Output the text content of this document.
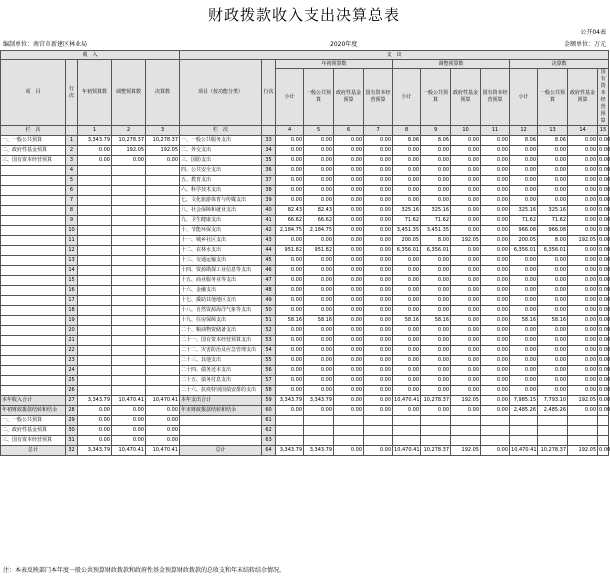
财政拨款收入支出决算总表
公开04表
编制单位：南宫市新建区林业局	2020年度	金额单位：万元
收　入					支　出													
项　目	行次	年初预算数	调整预算数	决算数	项目（按功能分类）	行次	年初预算数				调整预算数				决算数			
							小计	一般公共预算	政府性基金预算	国有资本经营预算	小计	一般公共预算	政府性基金预算	国有资本经营预算	小计	一般公共预算	政府性基金预算	国有资本经营预算
栏　次		1	2	3	栏　次		4	5	6	7	8	9	10	11	12	13	14	15
一、一般公共预算	1	3,343.79	10,278.37	10,278.37	一、一般公共服务支出	33	0.00	0.00	0.00	0.00	8.06	8.06	0.00	0.00	8.06	8.06	0.00	0.00
二、政府性基金预算	2	0.00	192.05	192.05	二、外交支出	34	0.00	0.00	0.00	0.00	0.00	0.00	0.00	0.00	0.00	0.00	0.00	0.00
三、国有资本经营预算	3	0.00	0.00	0.00	三、国防支出	35	0.00	0.00	0.00	0.00	0.00	0.00	0.00	0.00	0.00	0.00	0.00	0.00
	4				四、公共安全支出	36	0.00	0.00	0.00	0.00	0.00	0.00	0.00	0.00	0.00	0.00	0.00	0.00
	5				五、教育支出	37	0.00	0.00	0.00	0.00	0.00	0.00	0.00	0.00	0.00	0.00	0.00	0.00
	6				六、科学技术支出	38	0.00	0.00	0.00	0.00	0.00	0.00	0.00	0.00	0.00	0.00	0.00	0.00
	7				七、文化旅游体育与传媒支出	39	0.00	0.00	0.00	0.00	0.00	0.00	0.00	0.00	0.00	0.00	0.00	0.00
	8				八、社会保障和就业支出	40	82.43	82.43	0.00	0.00	325.16	325.16	0.00	0.00	325.16	325.16	0.00	0.00
	9				九、卫生健康支出	41	66.62	66.62	0.00	0.00	71.62	71.62	0.00	0.00	71.62	71.62	0.00	0.00
	10				十、节能环保支出	42	2,184.75	2,184.75	0.00	0.00	3,451.35	3,451.35	0.00	0.00	966.08	966.08	0.00	0.00
	11				十一、城乡社区支出	43	0.00	0.00	0.00	0.00	200.05	8.00	192.05	0.00	200.05	8.00	192.05	0.00
	12				十二、农林水支出	44	951.82	951.82	0.00	0.00	6,356.01	6,356.01	0.00	0.00	6,356.01	6,356.01	0.00	0.00
	13				十三、交通运输支出	45	0.00	0.00	0.00	0.00	0.00	0.00	0.00	0.00	0.00	0.00	0.00	0.00
	14				十四、资源勘探工业信息等支出	46	0.00	0.00	0.00	0.00	0.00	0.00	0.00	0.00	0.00	0.00	0.00	0.00
	15				十五、商业服务业等支出	47	0.00	0.00	0.00	0.00	0.00	0.00	0.00	0.00	0.00	0.00	0.00	0.00
	16				十六、金融支出	48	0.00	0.00	0.00	0.00	0.00	0.00	0.00	0.00	0.00	0.00	0.00	0.00
	17				十七、援助其他地区支出	49	0.00	0.00	0.00	0.00	0.00	0.00	0.00	0.00	0.00	0.00	0.00	0.00
	18				十八、自然资源海洋气象等支出	50	0.00	0.00	0.00	0.00	0.00	0.00	0.00	0.00	0.00	0.00	0.00	0.00
	19				十九、住房保障支出	51	58.16	58.16	0.00	0.00	58.16	58.16	0.00	0.00	58.16	58.16	0.00	0.00
	20				二十、粮油物资储备支出	52	0.00	0.00	0.00	0.00	0.00	0.00	0.00	0.00	0.00	0.00	0.00	0.00
	21				二十一、国有资本经营预算支出	53	0.00	0.00	0.00	0.00	0.00	0.00	0.00	0.00	0.00	0.00	0.00	0.00
	22				二十二、灾害防治及应急管理支出	54	0.00	0.00	0.00	0.00	0.00	0.00	0.00	0.00	0.00	0.00	0.00	0.00
	23				二十三、其他支出	55	0.00	0.00	0.00	0.00	0.00	0.00	0.00	0.00	0.00	0.00	0.00	0.00
	24				二十四、债务还本支出	56	0.00	0.00	0.00	0.00	0.00	0.00	0.00	0.00	0.00	0.00	0.00	0.00
	25				二十五、债务付息支出	57	0.00	0.00	0.00	0.00	0.00	0.00	0.00	0.00	0.00	0.00	0.00	0.00
	26				二十六、抗疫特别国债安排的支出	58	0.00	0.00	0.00	0.00	0.00	0.00	0.00	0.00	0.00	0.00	0.00	0.00
本年收入合计	27	3,343.79	10,470.41	10,470.41	本年支出合计	59	3,343.79	3,343.79	0.00	0.00	10,470.41	10,278.37	192.05	0.00	7,985.15	7,793.10	192.05	0.00
年初财政拨款结转和结余	28	0.00	0.00	0.00	年末财政拨款结转和结余	60	0.00	0.00	0.00	0.00	0.00	0.00	0.00	0.00	2,485.26	2,485.26	0.00	0.00
一、一般公共预算	29	0.00	0.00	0.00		61												
二、政府性基金预算	30	0.00	0.00	0.00		62												
三、国有资本经营预算	31	0.00	0.00	0.00		63												
总计	32	3,343.79	10,470.41	10,470.41	总计	64	3,343.79	3,343.79	0.00	0.00	10,470.41	10,278.37	192.05	0.00	10,470.41	10,278.37	192.05	0.00
注：本表反映部门本年度一般公共预算财政拨款和政府性基金预算财政拨款的总收支和年末结转结余情况。
